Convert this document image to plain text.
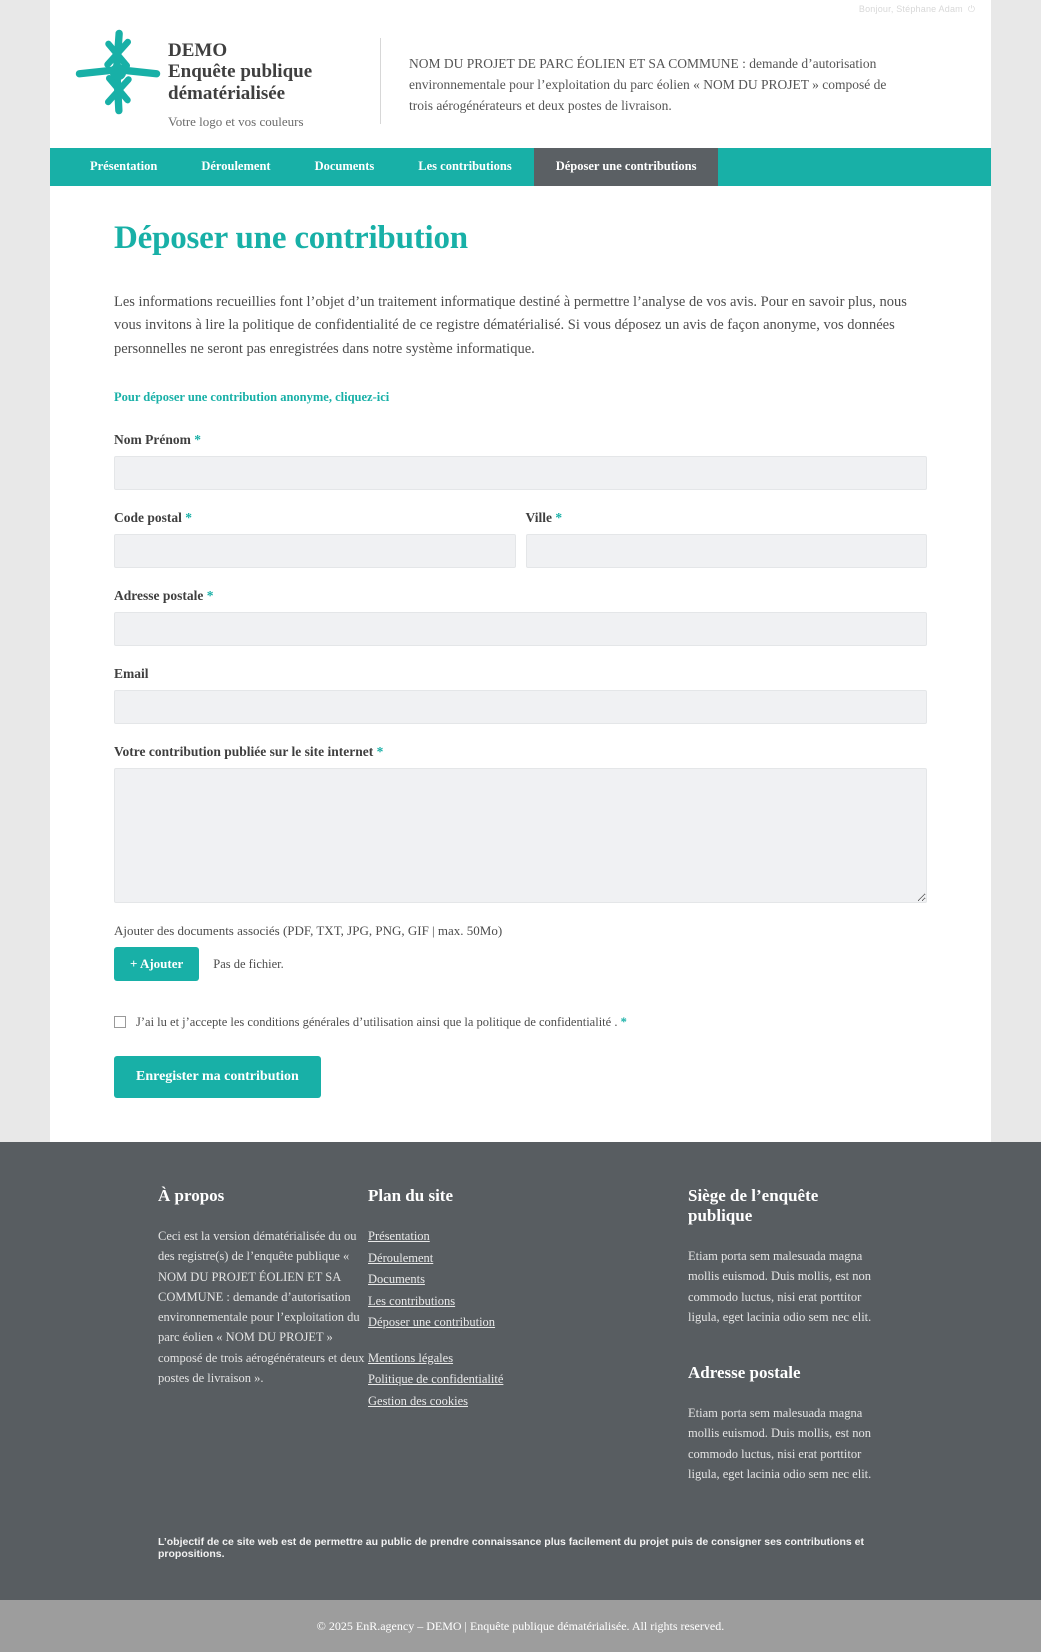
Bonjour, Stéphane Adam ⏻
DEMO
Enquête publique
dématérialisée
Votre logo et vos couleurs
NOM DU PROJET DE PARC ÉOLIEN ET SA COMMUNE : demande d’autorisation environnementale pour l’exploitation du parc éolien « NOM DU PROJET » composé de trois aérogénérateurs et deux postes de livraison.
Présentation	Déroulement	Documents	Les contributions	Déposer une contributions
Déposer une contribution

Les informations recueillies font l’objet d’un traitement informatique destiné à permettre l’analyse de vos avis. Pour en savoir plus, nous vous invitons à lire la politique de confidentialité de ce registre dématérialisé. Si vous déposez un avis de façon anonyme, vos données personnelles ne seront pas enregistrées dans notre système informatique.

Pour déposer une contribution anonyme, cliquez-ici
Nom Prénom *
Code postal *	Ville *
Adresse postale *
Email
Votre contribution publiée sur le site internet *
Ajouter des documents associés (PDF, TXT, JPG, PNG, GIF | max. 50Mo)
+ Ajouter	Pas de fichier.
J’ai lu et j’accepte les conditions générales d’utilisation ainsi que la politique de confidentialité . *
Enregister ma contribution
À propos

Ceci est la version dématérialisée du ou des registre(s) de l’enquête publique « NOM DU PROJET ÉOLIEN ET SA COMMUNE : demande d’autorisation environnementale pour l’exploitation du parc éolien « NOM DU PROJET » composé de trois aérogénérateurs et deux postes de livraison ».

Plan du site
Présentation
Déroulement
Documents
Les contributions
Déposer une contribution
Mentions légales
Politique de confidentialité
Gestion des cookies
Siège de l’enquête publique

Etiam porta sem malesuada magna mollis euismod. Duis mollis, est non commodo luctus, nisi erat porttitor ligula, eget lacinia odio sem nec elit.

Adresse postale

Etiam porta sem malesuada magna mollis euismod. Duis mollis, est non commodo luctus, nisi erat porttitor ligula, eget lacinia odio sem nec elit.

L’objectif de ce site web est de permettre au public de prendre connaissance plus facilement du projet puis de consigner ses contributions et propositions.
© 2025 EnR.agency – DEMO | Enquête publique dématérialisée. All rights reserved.
